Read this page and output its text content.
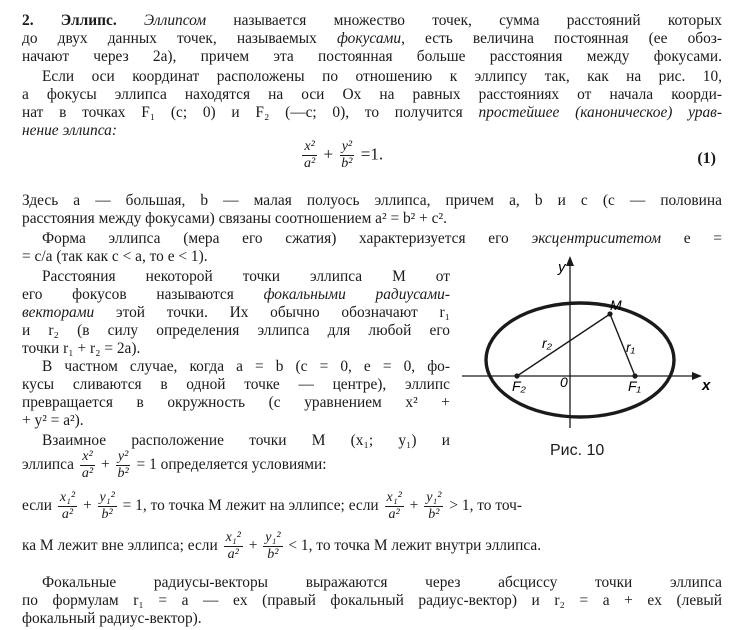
2. Эллипс. Эллипсом называется множество точек, сумма расстояний которых
до двух данных точек, называемых фокусами, есть величина постоянная (ее обоз-
начают через 2a), причем эта постоянная больше расстояния между фокусами.
Если оси координат расположены по отношению к эллипсу так, как на рис. 10,
а фокусы эллипса находятся на оси Ox на равных расстояниях от начала коорди-
нат в точках F₁ (c; 0) и F₂ (—c; 0), то получится простейшее (каноническое) урав-
нение эллипса:
$\frac{\text{x²}}{\text{a²}} + \frac{\text{y²}}{\text{b²}} =1$.	(1)
Здесь a — большая, b — малая полуось эллипса, причем a, b и c (c — половина
расстояния между фокусами) связаны соотношением a² = b² + c².
Форма эллипса (мера его сжатия) характеризуется его эксцентриситетом e =
= c/a (так как c < a, то e < 1).
Расстояния некоторой точки эллипса M от
его фокусов называются фокальными радиусами-
векторами этой точки. Их обычно обозначают r₁
и r₂ (в силу определения эллипса для любой его
точки r₁ + r₂ = 2a).
В частном случае, когда a = b (c = 0, e = 0, фо-
кусы сливаются в одной точке — центре), эллипс
превращается в окружность (с уравнением x² +
+ y² = a²).
Взаимное расположение точки M (x₁; y₁) и
эллипса $\frac{\text{x²}}{\text{a²}} + \frac{\text{y²}}{\text{b²}} = 1$ определяется условиями:
если $\frac{\text{x₁²}}{\text{a²}} + \frac{\text{y₁²}}{\text{b²}} = 1$, то точка M лежит на эллипсе; если $\frac{\text{x₁²}}{\text{a²}} + \frac{\text{y₁²}}{\text{b²}} > 1$, то точ-
ка M лежит вне эллипса; если $\frac{\text{x₁²}}{\text{a²}} + \frac{\text{y₁²}}{\text{b²}} < 1$, то точка M лежит внутри эллипса.
Фокальные радиусы-векторы выражаются через абсциссу точки эллипса
по формулам r₁ = a — ex (правый фокальный радиус-вектор) и r₂ = a + ex (левый
фокальный радиус-вектор).
y
x
0
M
F₂	F₁
r₂	r₁
Рис. 10
